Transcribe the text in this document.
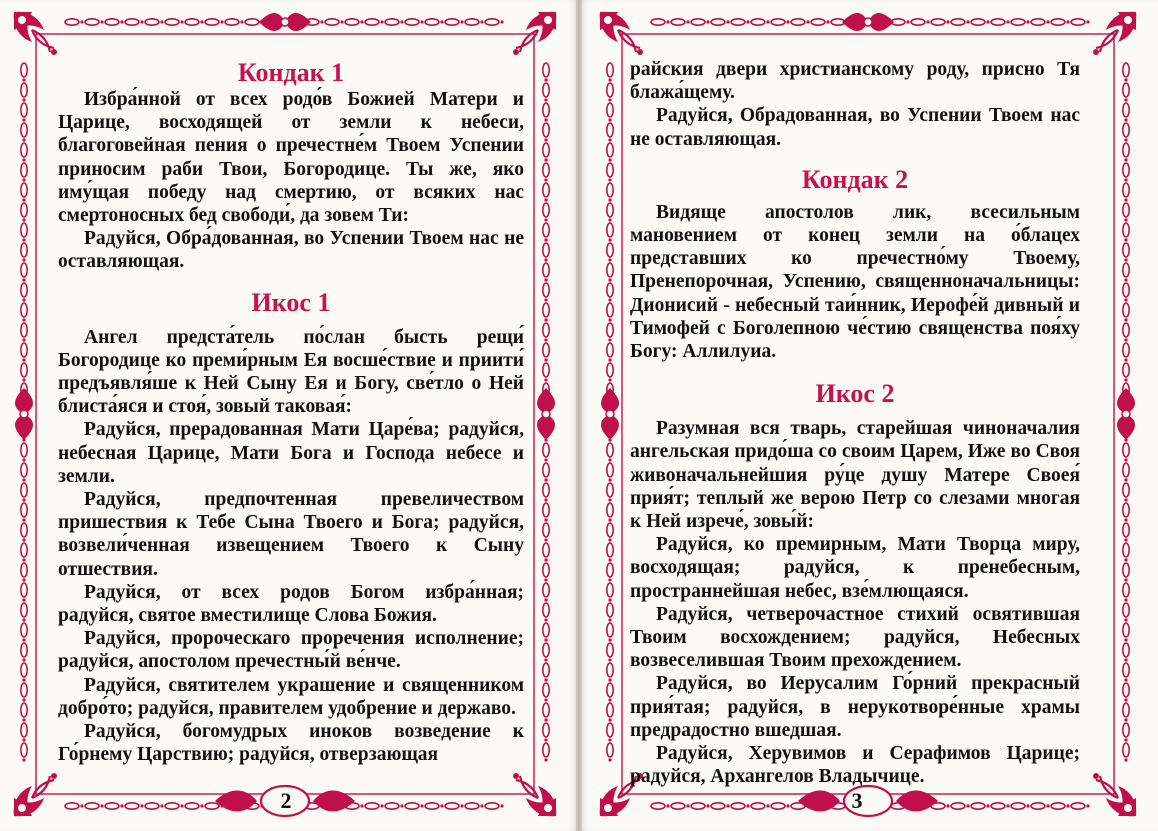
Кондак 1

Избра́нной от всех родо́в Божией Матери и Царице, восходящей от земли к небеси, благоговейная пения о пречестне́м Твоем Успении приносим раби Твои, Богородице. Ты же, яко иму́щая победу над смертию, от всяких нас смертоносных бед свободи́, да зовем Ти:

Радуйся, Обра́дованная, во Успении Твоем нас не оставляющая.

Икос 1

Ангел предста́тель по́слан бысть рещи́ Богородице ко преми́рным Ея восше́ствие и приити́ предъявля́ше к Ней Сыну Ея и Богу, све́тло о Ней блиста́яся и стоя́, зовый таковая́:

Радуйся, прерадованная Мати Царе́ва; радуйся, небесная Царице, Мати Бога и Господа небесе и земли.

Радуйся, предпочтенная превеличеством пришествия к Тебе Сына Твоего и Бога; радуйся, возвели́ченная извещением Твоего к Сыну отшествия.

Радуйся, от всех родов Богом избра́нная; радуйся, святое вместилище Слова Божия.

Радуйся, пророческаго проречения исполнение; радуйся, апостолом пречестны́й ве́нче.

Радуйся, святителем украшение и священником добро́то; радуйся, правителем удобрение и державо.

Радуйся, богомудрых иноков возведение к Го́рнему Царствию; радуйся, отверзающая

2

райския двери христианскому роду, присно Тя блажа́щему.

Радуйся, Обрадованная, во Успении Твоем нас не оставляющая.

Кондак 2

Видяще апостолов лик, всесильным мановением от конец земли на о́блацех представших ко пречестно́му Твоему, Пренепорочная, Успению, священноначальницы: Дионисий - небесный таи́нник, Иерофе́й дивный и Тимофей с Боголепною че́стию священства поя́ху Богу: Аллилуиа.

Икос 2

Разумная вся тварь, старейшая чиноначалия ангельская придо́ша со своим Царем, Иже во Своя живоначальнейшия ру́це душу Матере Своея́ прия́т; теплый же верою Петр со слезами многая к Ней изрече́, зовы́й:

Радуйся, ко премирным, Мати Творца миру, восходящая; радуйся, к пренебесным, пространнейшая небес, взе́млющаяся.

Радуйся, четверочастное стихий освятившая Твоим восхождением; радуйся, Небесных возвеселившая Твоим прехождением.

Радуйся, во Иерусалим Го́рний прекрасный прия́тая; радуйся, в нерукотворе́нные храмы предрадостно вшедшая.

Радуйся, Херувимов и Серафимов Царице; радуйся, Архангелов Владычице.

3
